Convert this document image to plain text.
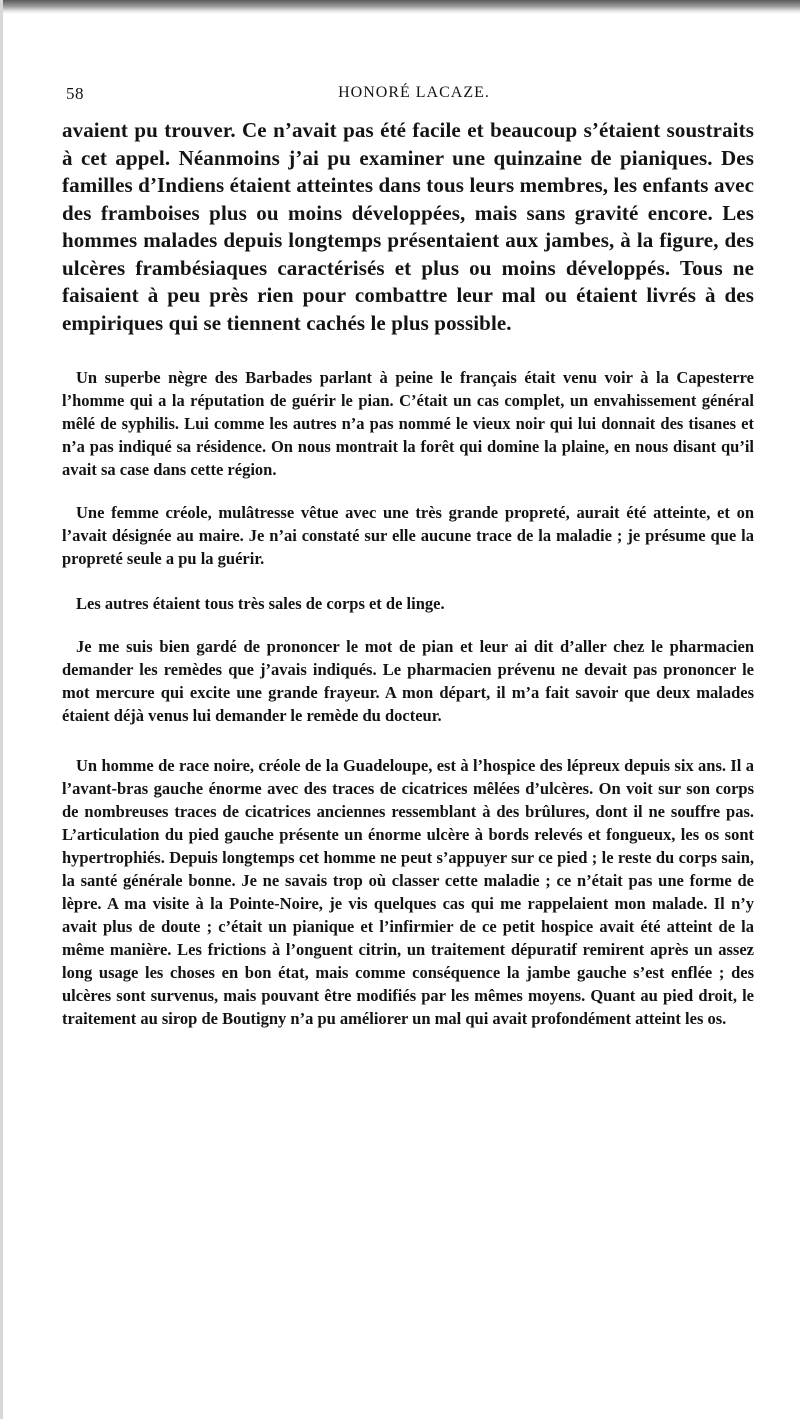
58	HONORÉ LACAZE.

avaient pu trouver. Ce n’avait pas été facile et beaucoup s’étaient soustraits à cet appel. Néanmoins j’ai pu examiner une quinzaine de pianiques. Des familles d’Indiens étaient atteintes dans tous leurs membres, les enfants avec des framboises plus ou moins développées, mais sans gravité encore. Les hommes malades depuis longtemps présentaient aux jambes, à la figure, des ulcères frambésiaques caractérisés et plus ou moins développés. Tous ne faisaient à peu près rien pour combattre leur mal ou étaient livrés à des empiriques qui se tiennent cachés le plus possible.

Un superbe nègre des Barbades parlant à peine le français était venu voir à la Capesterre l’homme qui a la réputation de guérir le pian. C’était un cas complet, un envahissement général mêlé de syphilis. Lui comme les autres n’a pas nommé le vieux noir qui lui donnait des tisanes et n’a pas indiqué sa résidence. On nous montrait la forêt qui domine la plaine, en nous disant qu’il avait sa case dans cette région.

Une femme créole, mulâtresse vêtue avec une très grande propreté, aurait été atteinte, et on l’avait désignée au maire. Je n’ai constaté sur elle aucune trace de la maladie ; je présume que la propreté seule a pu la guérir.

Les autres étaient tous très sales de corps et de linge.

Je me suis bien gardé de prononcer le mot de pian et leur ai dit d’aller chez le pharmacien demander les remèdes que j’avais indiqués. Le pharmacien prévenu ne devait pas prononcer le mot mercure qui excite une grande frayeur. A mon départ, il m’a fait savoir que deux malades étaient déjà venus lui demander le remède du docteur.

Un homme de race noire, créole de la Guadeloupe, est à l’hospice des lépreux depuis six ans. Il a l’avant-bras gauche énorme avec des traces de cicatrices mêlées d’ulcères. On voit sur son corps de nombreuses traces de cicatrices anciennes ressemblant à des brûlures, dont il ne souffre pas. L’articulation du pied gauche présente un énorme ulcère à bords relevés et fongueux, les os sont hypertrophiés. Depuis longtemps cet homme ne peut s’appuyer sur ce pied ; le reste du corps sain, la santé générale bonne. Je ne savais trop où classer cette maladie ; ce n’était pas une forme de lèpre. A ma visite à la Pointe-Noire, je vis quelques cas qui me rappelaient mon malade. Il n’y avait plus de doute ; c’était un pianique et l’infirmier de ce petit hospice avait été atteint de la même manière. Les frictions à l’onguent citrin, un traitement dépuratif remirent après un assez long usage les choses en bon état, mais comme conséquence la jambe gauche s’est enflée ; des ulcères sont survenus, mais pouvant être modifiés par les mêmes moyens. Quant au pied droit, le traitement au sirop de Boutigny n’a pu améliorer un mal qui avait profondément atteint les os.
